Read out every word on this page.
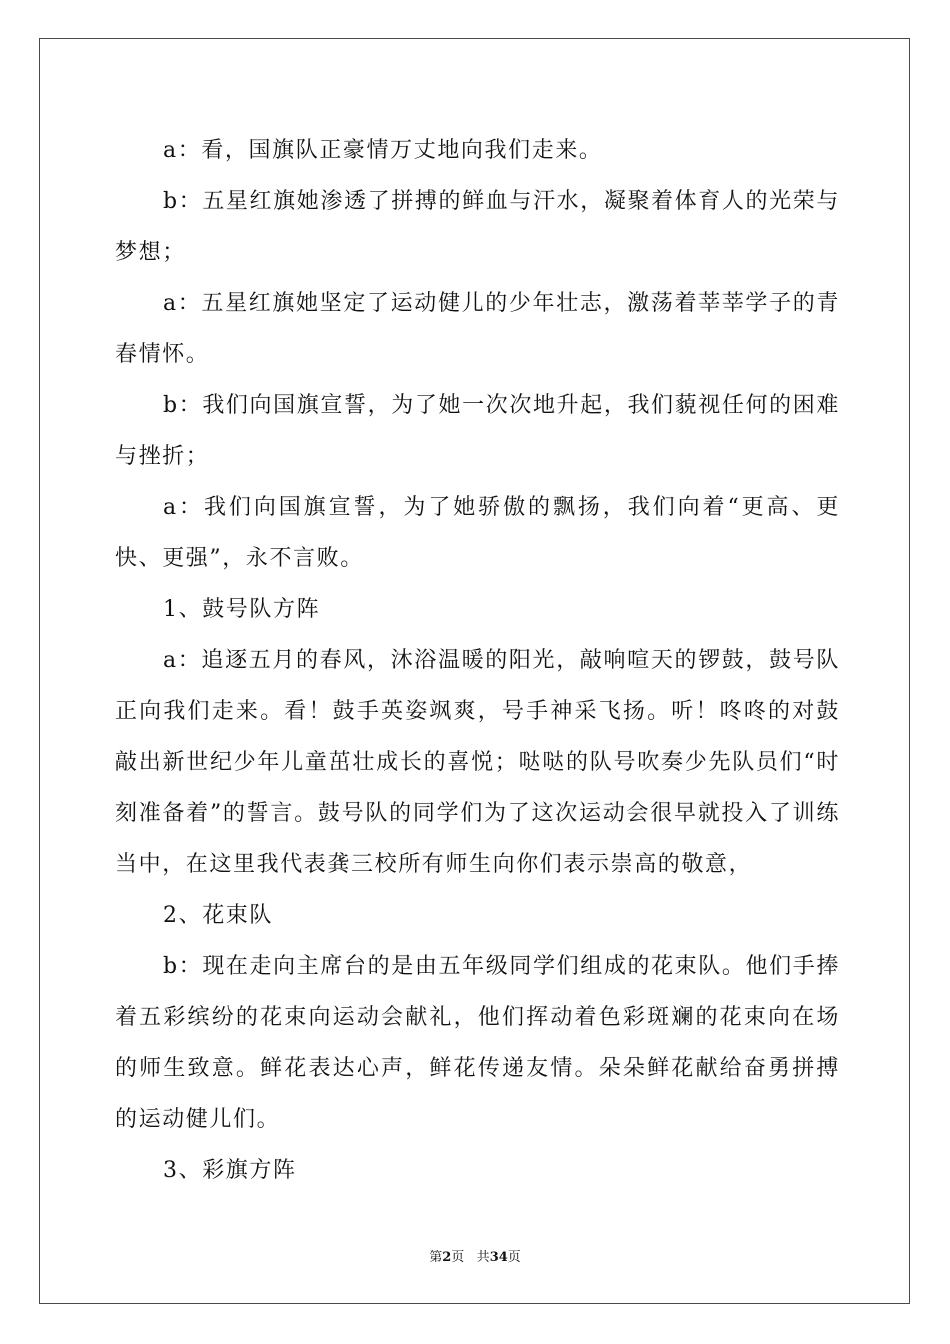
a：看，国旗队正豪情万丈地向我们走来。

b：五星红旗她渗透了拼搏的鲜血与汗水，凝聚着体育人的光荣与梦想；

a：五星红旗她坚定了运动健儿的少年壮志，激荡着莘莘学子的青春情怀。

b：我们向国旗宣誓，为了她一次次地升起，我们藐视任何的困难与挫折；

a：我们向国旗宣誓，为了她骄傲的飘扬，我们向着“更高、更快、更强”，永不言败。

1、鼓号队方阵

a：追逐五月的春风，沐浴温暖的阳光，敲响喧天的锣鼓，鼓号队正向我们走来。看！鼓手英姿飒爽，号手神采飞扬。听！咚咚的对鼓敲出新世纪少年儿童茁壮成长的喜悦；哒哒的队号吹奏少先队员们“时刻准备着”的誓言。鼓号队的同学们为了这次运动会很早就投入了训练当中，在这里我代表龚三校所有师生向你们表示崇高的敬意，

2、花束队

b：现在走向主席台的是由五年级同学们组成的花束队。他们手捧着五彩缤纷的花束向运动会献礼，他们挥动着色彩斑斓的花束向在场的师生致意。鲜花表达心声，鲜花传递友情。朵朵鲜花献给奋勇拼搏的运动健儿们。

3、彩旗方阵

第2页 共34页
